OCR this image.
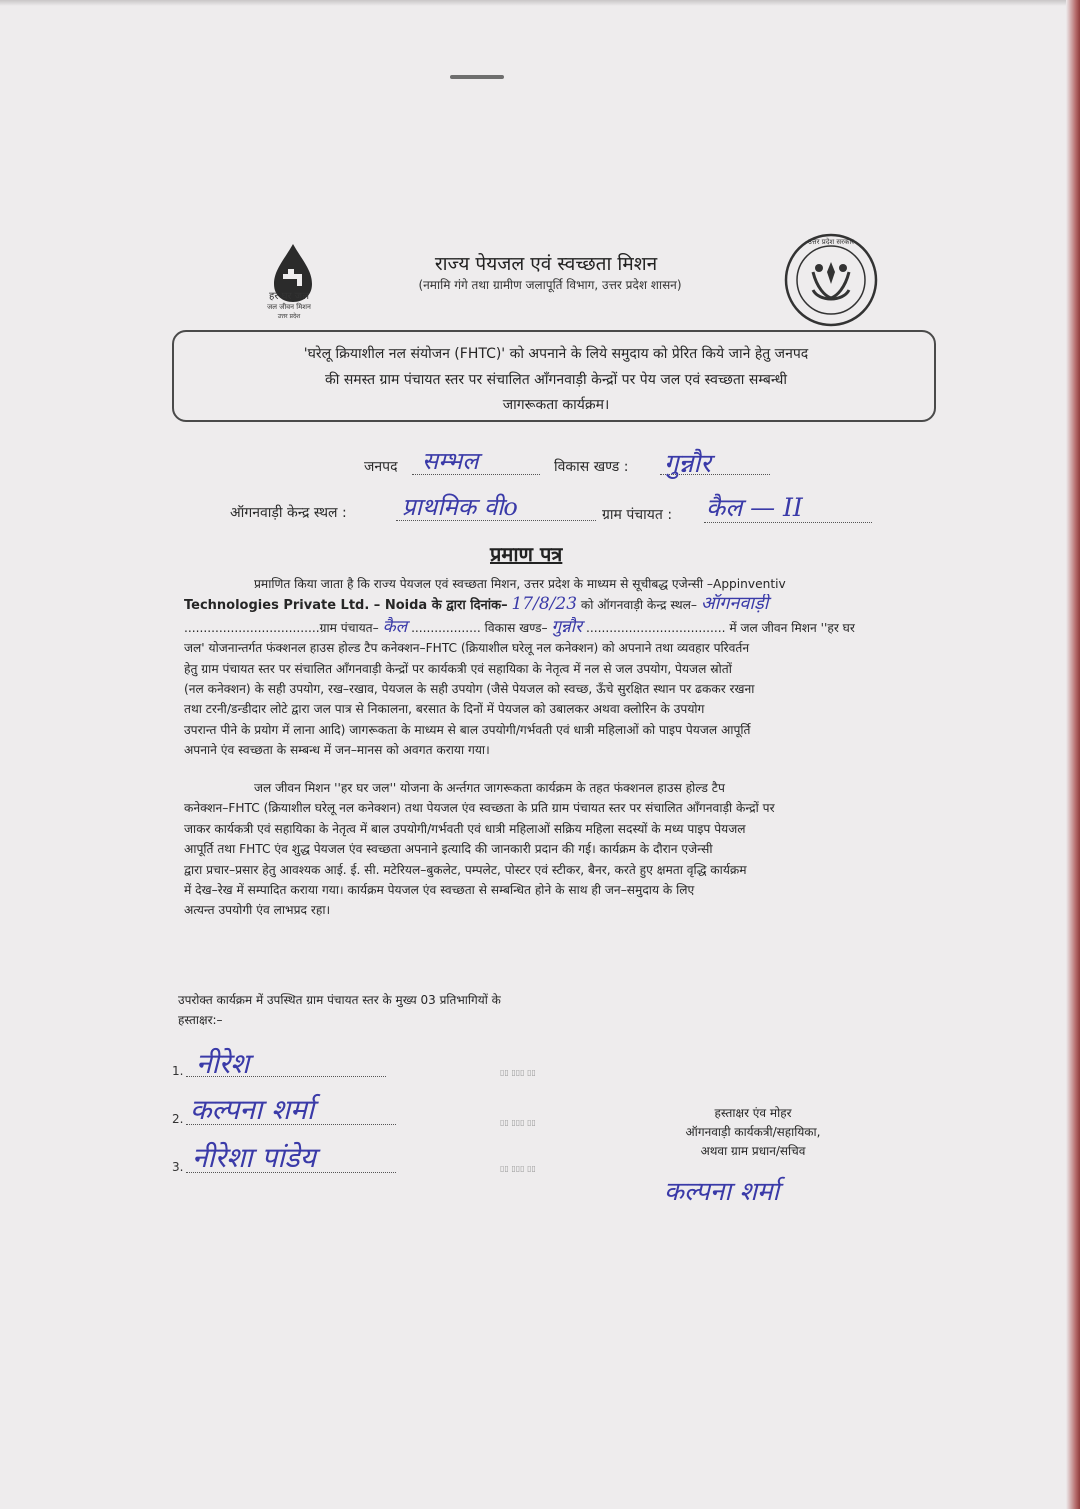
हर घर जल
जल जीवन मिशन
उत्तर प्रदेश
उत्तर प्रदेश सरकार
राज्य पेयजल एवं स्वच्छता मिशन
(नमामि गंगे तथा ग्रामीण जलापूर्ति विभाग, उत्तर प्रदेश शासन)
'घरेलू क्रियाशील नल संयोजन (FHTC)' को अपनाने के लिये समुदाय को प्रेरित किये जाने हेतु जनपद
की समस्त ग्राम पंचायत स्तर पर संचालित आँगनवाड़ी केन्द्रों पर पेय जल एवं स्वच्छता सम्बन्धी
जागरूकता कार्यक्रम।
जनपद सम्भल	विकास खण्ड : गुन्नौर
ऑगनवाड़ी केन्द्र स्थल : प्राथमिक वीo	ग्राम पंचायत : कैल — II
प्रमाण पत्र
प्रमाणित किया जाता है कि राज्य पेयजल एवं स्वच्छता मिशन, उत्तर प्रदेश के माध्यम से सूचीबद्ध एजेन्सी –Appinventiv
Technologies Private Ltd. – Noida के द्वारा दिनांक– 17/8/23 को ऑगनवाड़ी केन्द्र स्थल– ऑगनवाड़ी
...................................ग्राम पंचायत– कैल .................. विकास खण्ड– गुन्नौर .................................... में जल जीवन मिशन ''हर घर
जल' योजनान्तर्गत फंक्शनल हाउस होल्ड टैप कनेक्शन–FHTC (क्रियाशील घरेलू नल कनेक्शन) को अपनाने तथा व्यवहार परिवर्तन
हेतु ग्राम पंचायत स्तर पर संचालित आँगनवाड़ी केन्द्रों पर कार्यकत्री एवं सहायिका के नेतृत्व में नल से जल उपयोग, पेयजल स्रोतों
(नल कनेक्शन) के सही उपयोग, रख–रखाव, पेयजल के सही उपयोग (जैसे पेयजल को स्वच्छ, ऊँचे सुरक्षित स्थान पर ढककर रखना
तथा टरनी/डन्डीदार लोटे द्वारा जल पात्र से निकालना, बरसात के दिनों में पेयजल को उबालकर अथवा क्लोरिन के उपयोग
उपरान्त पीने के प्रयोग में लाना आदि) जागरूकता के माध्यम से बाल उपयोगी/गर्भवती एवं धात्री महिलाओं को पाइप पेयजल आपूर्ति
अपनाने एंव स्वच्छता के सम्बन्ध में जन–मानस को अवगत कराया गया।
जल जीवन मिशन ''हर घर जल'' योजना के अर्न्तगत जागरूकता कार्यक्रम के तहत फंक्शनल हाउस होल्ड टैप
कनेक्शन–FHTC (क्रियाशील घरेलू नल कनेक्शन) तथा पेयजल एंव स्वच्छता के प्रति ग्राम पंचायत स्तर पर संचालित आँगनवाड़ी केन्द्रों पर
जाकर कार्यकत्री एवं सहायिका के नेतृत्व में बाल उपयोगी/गर्भवती एवं धात्री महिलाओं सक्रिय महिला सदस्यों के मध्य पाइप पेयजल
आपूर्ति तथा FHTC एंव शुद्ध पेयजल एंव स्वच्छता अपनाने इत्यादि की जानकारी प्रदान की गई। कार्यक्रम के दौरान एजेन्सी
द्वारा प्रचार–प्रसार हेतु आवश्यक आई. ई. सी. मटेरियल–बुकलेट, पम्पलेट, पोस्टर एवं स्टीकर, बैनर, करते हुए क्षमता वृद्धि कार्यक्रम
में देख–रेख में सम्पादित कराया गया। कार्यक्रम पेयजल एंव स्वच्छता से सम्बन्धित होने के साथ ही जन–समुदाय के लिए
अत्यन्त उपयोगी एंव लाभप्रद रहा।
उपरोक्त कार्यक्रम में उपस्थित ग्राम पंचायत स्तर के मुख्य 03 प्रतिभागियों के
हस्ताक्षर:–
1. नीरेश	▯▯ ▯▯▯ ▯▯
2. कल्पना शर्मा	▯▯ ▯▯▯ ▯▯
3. नीरेशा पांडेय	▯▯ ▯▯▯ ▯▯
हस्ताक्षर एंव मोहर
ऑगनवाड़ी कार्यकत्री/सहायिका,
अथवा ग्राम प्रधान/सचिव
कल्पना शर्मा
